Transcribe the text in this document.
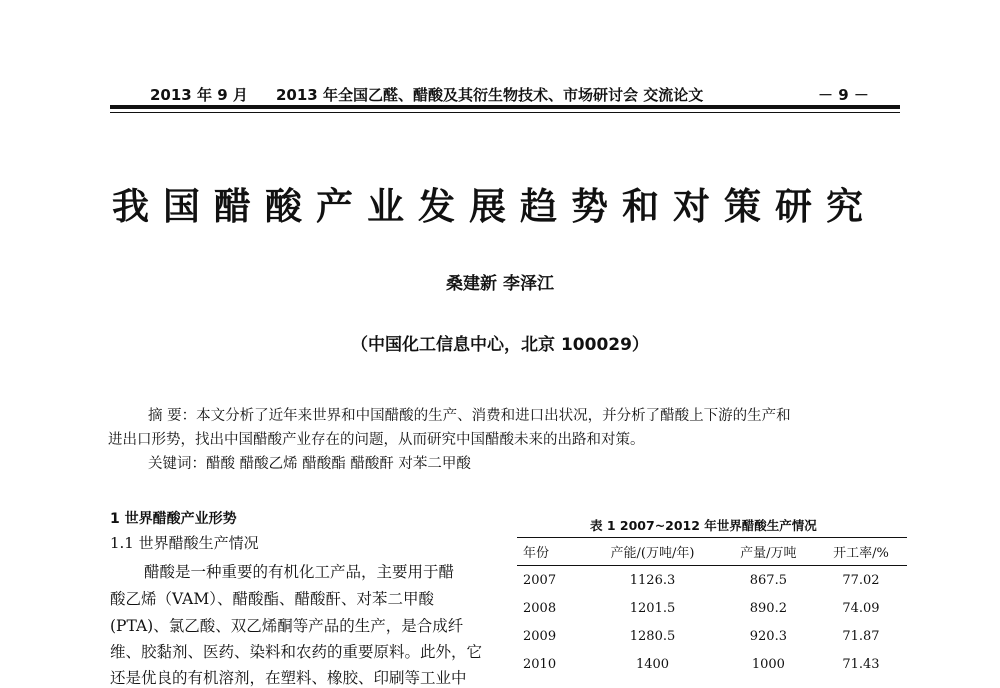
2013 年 9 月 2013 年全国乙醛、醋酸及其衍生物技术、市场研讨会 交流论文	－ 9 －
我国醋酸产业发展趋势和对策研究
桑建新 李泽江
（中国化工信息中心，北京 100029）
摘 要：本文分析了近年来世界和中国醋酸的生产、消费和进口出状况，并分析了醋酸上下游的生产和
进出口形势，找出中国醋酸产业存在的问题，从而研究中国醋酸未来的出路和对策。
关键词：醋酸 醋酸乙烯 醋酸酯 醋酸酐 对苯二甲酸
1 世界醋酸产业形势
1.1 世界醋酸生产情况
醋酸是一种重要的有机化工产品，主要用于醋
酸乙烯（VAM）、醋酸酯、醋酸酐、对苯二甲酸
(PTA)、氯乙酸、双乙烯酮等产品的生产，是合成纤
维、胶黏剂、医药、染料和农药的重要原料。此外，它
还是优良的有机溶剂，在塑料、橡胶、印刷等工业中
表 1 2007~2012 年世界醋酸生产情况
年份	产能/(万吨/年)	产量/万吨	开工率/%
2007	1126.3	867.5	77.02
2008	1201.5	890.2	74.09
2009	1280.5	920.3	71.87
2010	1400	1000	71.43
